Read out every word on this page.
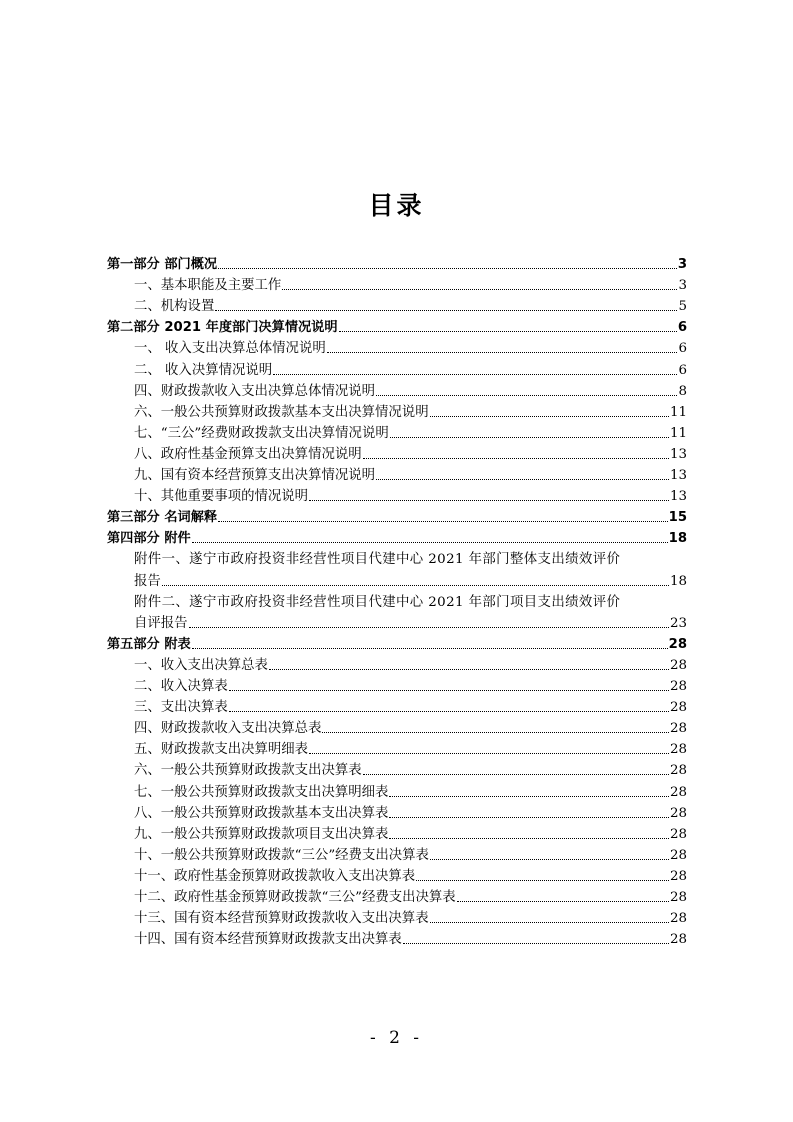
目录
第一部分 部门概况	3
一、基本职能及主要工作	3
二、机构设置	5
第二部分 2021 年度部门决算情况说明	6
一、 收入支出决算总体情况说明	6
二、 收入决算情况说明	6
四、财政拨款收入支出决算总体情况说明	8
六、一般公共预算财政拨款基本支出决算情况说明	11
七、“三公”经费财政拨款支出决算情况说明	11
八、政府性基金预算支出决算情况说明	13
九、国有资本经营预算支出决算情况说明	13
十、其他重要事项的情况说明	13
第三部分 名词解释	15
第四部分 附件	18
附件一、遂宁市政府投资非经营性项目代建中心 2021 年部门整体支出绩效评价
报告	18
附件二、遂宁市政府投资非经营性项目代建中心 2021 年部门项目支出绩效评价
自评报告	23
第五部分 附表	28
一、收入支出决算总表	28
二、收入决算表	28
三、支出决算表	28
四、财政拨款收入支出决算总表	28
五、财政拨款支出决算明细表	28
六、一般公共预算财政拨款支出决算表	28
七、一般公共预算财政拨款支出决算明细表	28
八、一般公共预算财政拨款基本支出决算表	28
九、一般公共预算财政拨款项目支出决算表	28
十、一般公共预算财政拨款“三公”经费支出决算表	28
十一、政府性基金预算财政拨款收入支出决算表	28
十二、政府性基金预算财政拨款“三公”经费支出决算表	28
十三、国有资本经营预算财政拨款收入支出决算表	28
十四、国有资本经营预算财政拨款支出决算表	28
- 2 -
